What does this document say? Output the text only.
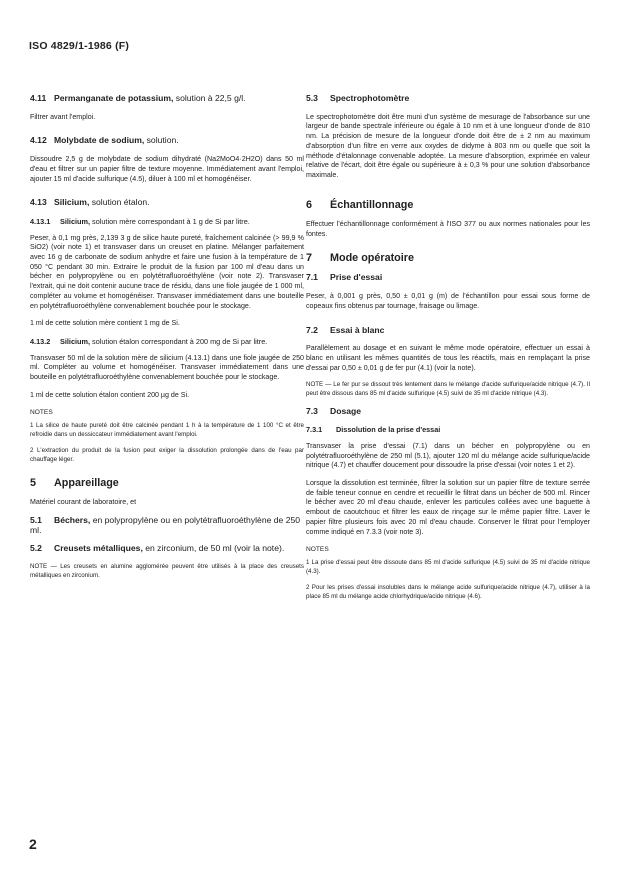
ISO 4829/1-1986 (F)
4.11 Permanganate de potassium, solution à 22,5 g/l.

Filtrer avant l'emploi.

4.12 Molybdate de sodium, solution.

Dissoudre 2,5 g de molybdate de sodium dihydraté (Na2MoO4·2H2O) dans 50 ml d'eau et filtrer sur un papier filtre de texture moyenne. Immédiatement avant l'emploi, ajouter 15 ml d'acide sulfurique (4.5), diluer à 100 ml et homogénéiser.

4.13 Silicium, solution étalon.
4.13.1 Silicium, solution mère correspondant à 1 g de Si par litre.

Peser, à 0,1 mg près, 2,139 3 g de silice haute pureté, fraîchement calcinée (> 99,9 % SiO2) (voir note 1) et transvaser dans un creuset en platine. Mélanger parfaitement avec 16 g de carbonate de sodium anhydre et faire une fusion à la température de 1 050 °C pendant 30 min. Extraire le produit de la fusion par 100 ml d'eau dans un bécher en polypropylène ou en polytétrafluoroéthylène (voir note 2). Transvaser l'extrait, qui ne doit contenir aucune trace de résidu, dans une fiole jaugée de 1 000 ml, compléter au volume et homogénéiser. Transvaser immédiatement dans une bouteille en polytétrafluoroéthylène convenablement bouchée pour le stockage.

1 ml de cette solution mère contient 1 mg de Si.

4.13.2 Silicium, solution étalon correspondant à 200 mg de Si par litre.

Transvaser 50 ml de la solution mère de silicium (4.13.1) dans une fiole jaugée de 250 ml. Compléter au volume et homogénéiser. Transvaser immédiatement dans une bouteille en polytétrafluoroéthylène convenablement bouchée pour le stockage.

1 ml de cette solution étalon contient 200 µg de Si.

NOTES

1 La silice de haute pureté doit être calcinée pendant 1 h à la température de 1 100 °C et être refroidie dans un dessiccateur immédiatement avant l'emploi.

2 L'extraction du produit de la fusion peut exiger la dissolution prolongée dans de l'eau par chauffage léger.

5 Appareillage

Matériel courant de laboratoire, et

5.1 Béchers, en polypropylène ou en polytétrafluoroéthylène de 250 ml.
5.2 Creusets métalliques, en zirconium, de 50 ml (voir la note).

NOTE — Les creusets en alumine agglomérée peuvent être utilisés à la place des creusets métalliques en zirconium.

5.3 Spectrophotomètre

Le spectrophotomètre doit être muni d'un système de mesurage de l'absorbance sur une largeur de bande spectrale inférieure ou égale à 10 nm et à une longueur d'onde de 810 nm. La précision de mesure de la longueur d'onde doit être de ± 2 nm au maximum d'absorption d'un filtre en verre aux oxydes de didyme à 803 nm ou quelle que soit la méthode d'étalonnage convenable adoptée. La mesure d'absorption, exprimée en valeur relative de l'écart, doit être égale ou supérieure à ± 0,3 % pour une solution d'absorbance maximale.

6 Échantillonnage

Effectuer l'échantillonnage conformément à l'ISO 377 ou aux normes nationales pour les fontes.

7 Mode opératoire
7.1 Prise d'essai

Peser, à 0,001 g près, 0,50 ± 0,01 g (m) de l'échantillon pour essai sous forme de copeaux fins obtenus par tournage, fraisage ou limage.

7.2 Essai à blanc

Parallèlement au dosage et en suivant le même mode opératoire, effectuer un essai à blanc en utilisant les mêmes quantités de tous les réactifs, mais en remplaçant la prise d'essai par 0,50 ± 0,01 g de fer pur (4.1) (voir la note).

NOTE — Le fer pur se dissout très lentement dans le mélange d'acide sulfurique/acide nitrique (4.7). Il peut être dissous dans 85 ml d'acide sulfurique (4.5) suivi de 35 ml d'acide nitrique (4.3).

7.3 Dosage
7.3.1 Dissolution de la prise d'essai

Transvaser la prise d'essai (7.1) dans un bécher en polypropylène ou en polytétrafluoroéthylène de 250 ml (5.1), ajouter 120 ml du mélange acide sulfurique/acide nitrique (4.7) et chauffer doucement pour dissoudre la prise d'essai (voir notes 1 et 2).

Lorsque la dissolution est terminée, filtrer la solution sur un papier filtre de texture serrée de faible teneur connue en cendre et recueillir le filtrat dans un bécher de 500 ml. Rincer le bécher avec 20 ml d'eau chaude, enlever les particules collées avec une baguette à embout de caoutchouc et filtrer les eaux de rinçage sur le même papier filtre. Laver le papier filtre plusieurs fois avec 20 ml d'eau chaude. Conserver le filtrat pour l'employer comme indiqué en 7.3.3 (voir note 3).

NOTES

1 La prise d'essai peut être dissoute dans 85 ml d'acide sulfurique (4.5) suivi de 35 ml d'acide nitrique (4.3).

2 Pour les prises d'essai insolubles dans le mélange acide sulfurique/acide nitrique (4.7), utiliser à la place 85 ml du mélange acide chlorhydrique/acide nitrique (4.6).

2
